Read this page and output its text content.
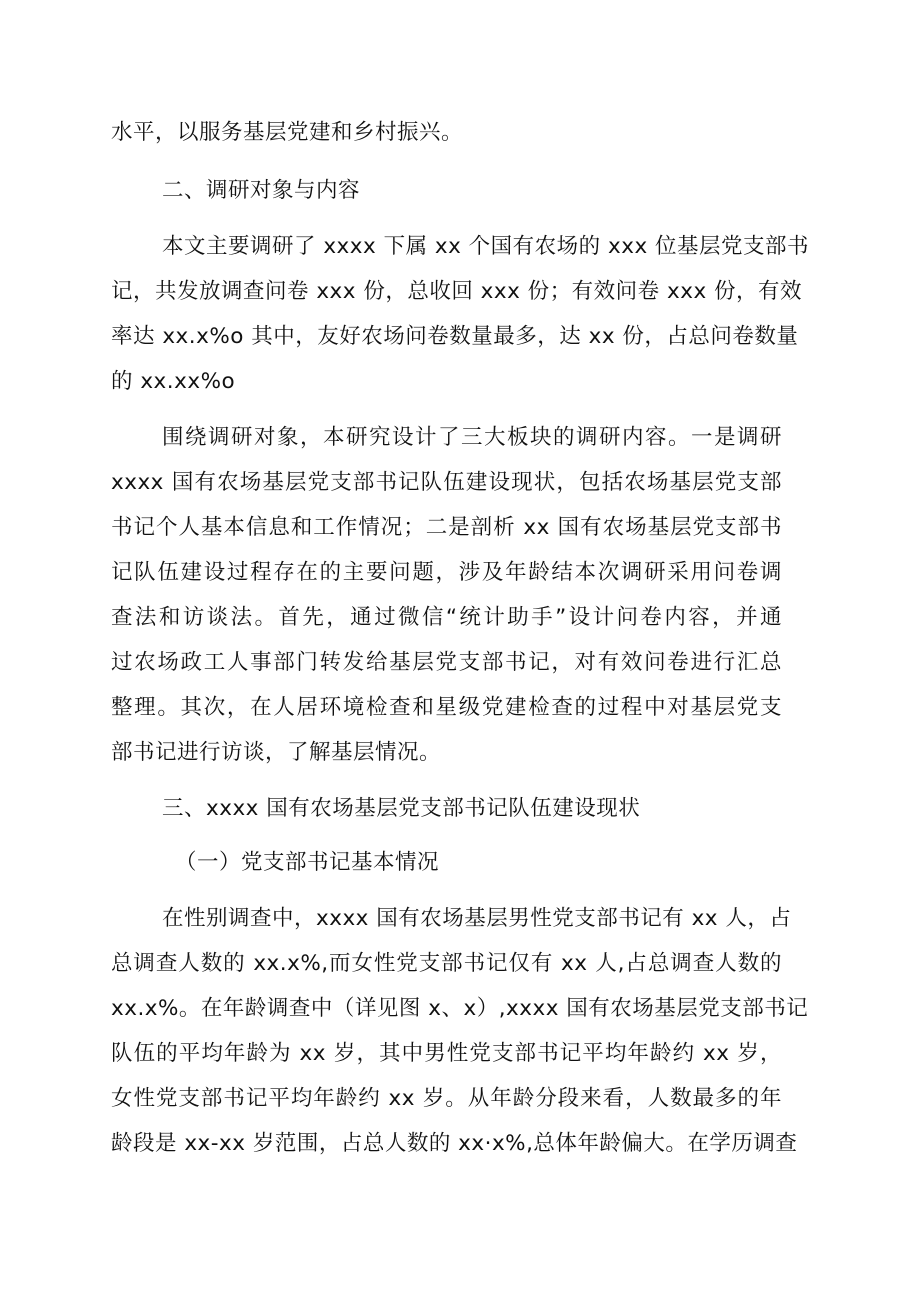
水平，以服务基层党建和乡村振兴。
二、调研对象与内容
本文主要调研了 xxxx 下属 xx 个国有农场的 xxx 位基层党支部书
记，共发放调查问卷 xxx 份，总收回 xxx 份；有效问卷 xxx 份，有效
率达 xx.x%o 其中，友好农场问卷数量最多，达 xx 份，占总问卷数量
的 xx.xx%o
围绕调研对象，本研究设计了三大板块的调研内容。一是调研
xxxx 国有农场基层党支部书记队伍建设现状，包括农场基层党支部
书记个人基本信息和工作情况；二是剖析 xx 国有农场基层党支部书
记队伍建设过程存在的主要问题，涉及年龄结本次调研采用问卷调
查法和访谈法。首先，通过微信“统计助手”设计问卷内容，并通
过农场政工人事部门转发给基层党支部书记，对有效问卷进行汇总
整理。其次，在人居环境检查和星级党建检查的过程中对基层党支
部书记进行访谈，了解基层情况。
三、xxxx 国有农场基层党支部书记队伍建设现状
（一）党支部书记基本情况
在性别调查中，xxxx 国有农场基层男性党支部书记有 xx 人，占
总调查人数的 xx.x%,而女性党支部书记仅有 xx 人,占总调查人数的
xx.x%。在年龄调查中（详见图 x、x）,xxxx 国有农场基层党支部书记
队伍的平均年龄为 xx 岁，其中男性党支部书记平均年龄约 xx 岁，
女性党支部书记平均年龄约 xx 岁。从年龄分段来看，人数最多的年
龄段是 xx-xx 岁范围，占总人数的 xx·x%,总体年龄偏大。在学历调查
